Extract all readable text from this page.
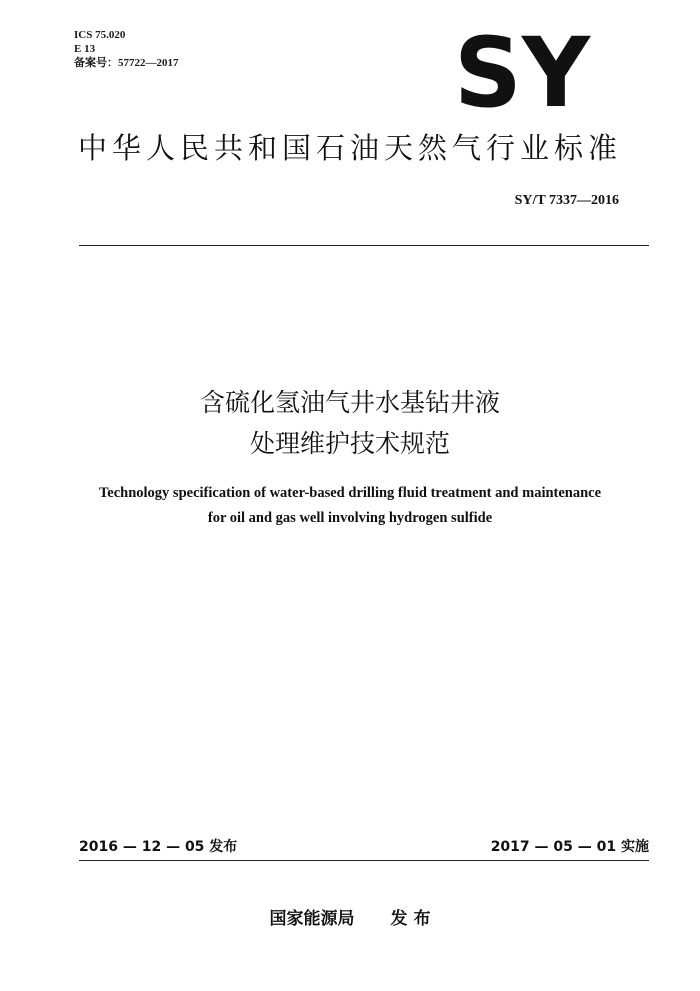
ICS 75.020
E 13
备案号：57722—2017	SY
中华人民共和国石油天然气行业标准
SY/T 7337—2016
含硫化氢油气井水基钻井液
处理维护技术规范
Technology specification of water-based drilling fluid treatment and maintenance
for oil and gas well involving hydrogen sulfide
2016 — 12 — 05 发布	2017 — 05 — 01 实施
国家能源局 发 布
